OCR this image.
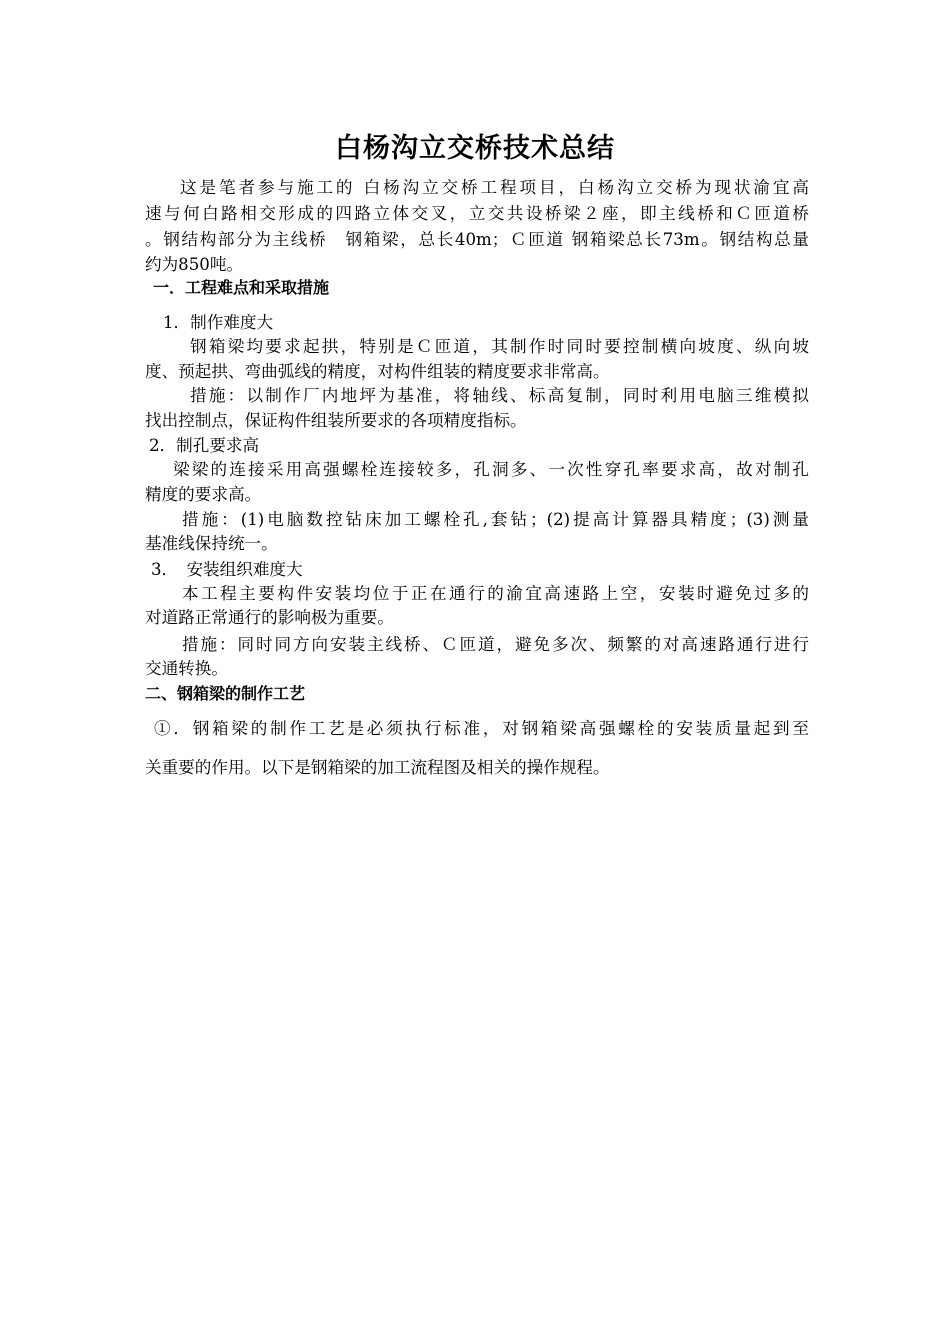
白杨沟立交桥技术总结
这是笔者参与施工的 白杨沟立交桥工程项目，白杨沟立交桥为现状渝宜高
速与何白路相交形成的四路立体交叉，立交共设桥梁２座，即主线桥和Ｃ匝道桥
。钢结构部分为主线桥　钢箱梁，总长40m；Ｃ匝道 钢箱梁总长73m。钢结构总量
约为850吨。
一．工程难点和采取措施
1．制作难度大
钢箱梁均要求起拱，特别是Ｃ匝道，其制作时同时要控制横向坡度、纵向坡
度、预起拱、弯曲弧线的精度，对构件组装的精度要求非常高。
措施：以制作厂内地坪为基准，将轴线、标高复制，同时利用电脑三维模拟
找出控制点，保证构件组装所要求的各项精度指标。
2．制孔要求高
梁梁的连接采用高强螺栓连接较多，孔洞多、一次性穿孔率要求高，故对制孔
精度的要求高。
措施：(1)电脑数控钻床加工螺栓孔,套钻；(2)提高计算器具精度；(3)测量
基准线保持统一。
3．　安装组织难度大
本工程主要构件安装均位于正在通行的渝宜高速路上空，安装时避免过多的
对道路正常通行的影响极为重要。
措施：同时同方向安装主线桥、Ｃ匝道，避免多次、频繁的对高速路通行进行
交通转换。
二、钢箱梁的制作工艺
①．钢箱梁的制作工艺是必须执行标准，对钢箱梁高强螺栓的安装质量起到至
关重要的作用。以下是钢箱梁的加工流程图及相关的操作规程。
